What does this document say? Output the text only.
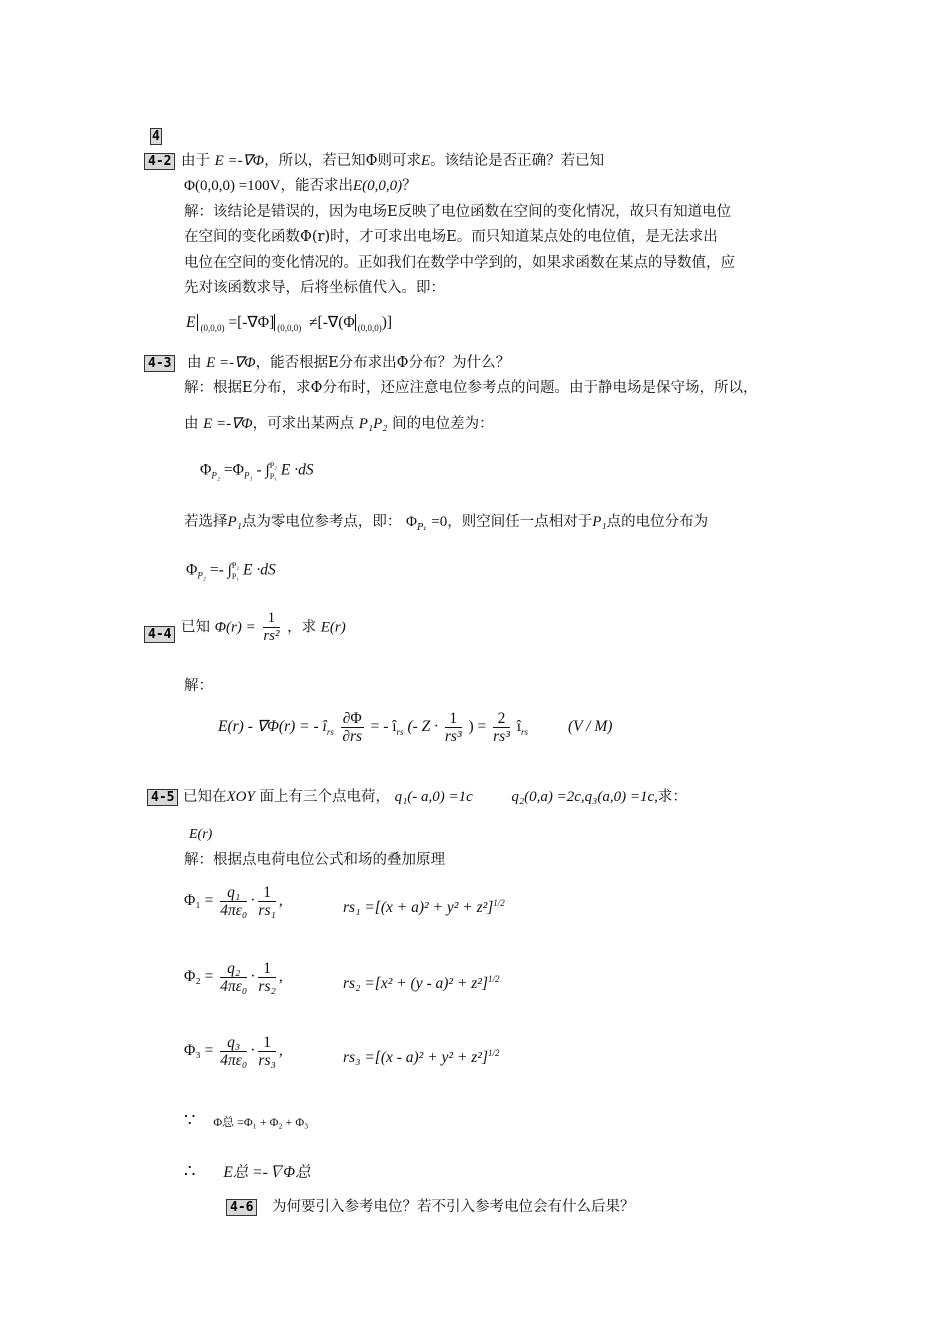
4
4-2 由于 E =-∇Φ，所以，若已知Φ则可求E。该结论是否正确？若已知
Φ(0,0,0) =100V，能否求出E(0,0,0)？
解：该结论是错误的，因为电场E反映了电位函数在空间的变化情况，故只有知道电位
在空间的变化函数Φ(r)时，才可求出电场E。而只知道某点处的电位值，是无法求出
电位在空间的变化情况的。正如我们在数学中学到的，如果求函数在某点的导数值，应
先对该函数求导，后将坐标值代入。即：
E $_{(0,0,0)}$ =[-∇Φ] $_{(0,0,0)}$ ≠[-∇(Φ $_{(0,0,0)}$)]
4-3 由 E =-∇Φ，能否根据E分布求出Φ分布？为什么？
解：根据E分布，求Φ分布时，还应注意电位参考点的问题。由于静电场是保守场，所以，
由 E =-∇Φ，可求出某两点 P₁P₂ 间的电位差为：
$\Phi_{P_2} =\Phi_{P_1}$ - ∫ P₂
P₁ E ·dS
若选择P₁点为零电位参考点，即： $\Phi_{P_1} =0$，则空间任一点相对于P₁点的电位分布为
$\Phi_{P_2}$ =- ∫ P₂
P₁ E ·dS
4-4 已知 $\Phi(r) = \frac{1}{\text{rs²}}$ ，求 E(r)
解：
E(r) - ∇Φ(r) = - $î_{rs} \frac{\partial\Phi}{\partial rs}$ = - $î_{rs}$ (- $Z \cdot \frac{1}{\text{rs³}}$ ) = $\frac{2}{\text{rs³}}$ $î_{rs}$	(V / M)
4-5 已知在XOY 面上有三个点电荷， q₁(- a,0) =1c	q₂(0,a) =2c,q₃(a,0) =1c,求：
E(r)
解：根据点电荷电位公式和场的叠加原理
$\Phi_1 = \frac{\text{q₁}}{\text{4πε₀}} \cdot \frac{1}{\text{rs₁}}$ ,	$rs_1 =[(x + a)^2 + y^2 + z^2]^{1/2}$
$\Phi_2 = \frac{\text{q₂}}{\text{4πε₀}} \cdot \frac{1}{\text{rs₂}}$ ,	$rs_2 =[x^2 + (y - a)^2 + z^2]^{1/2}$
$\Phi_3 = \frac{\text{q₃}}{\text{4πε₀}} \cdot \frac{1}{\text{rs₃}}$ ,	$rs_3 =[(x - a)^2 + y^2 + z^2]^{1/2}$
∵ Φ总 =Φ₁ + Φ₂ + Φ₃
∴ E总 =-∇Φ总
4-6 为何要引入参考电位？若不引入参考电位会有什么后果？
